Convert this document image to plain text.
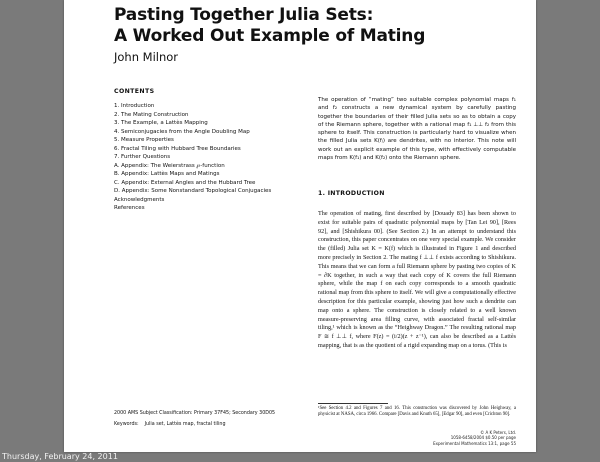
Pasting Together Julia Sets:
A Worked Out Example of Mating
John Milnor
CONTENTS
1. Introduction
2. The Mating Construction
3. The Example, a Lattès Mapping
4. Semiconjugacies from the Angle Doubling Map
5. Measure Properties
6. Fractal Tiling with Hubbard Tree Boundaries
7. Further Questions
A. Appendix: The Weierstrass ℘-function
B. Appendix: Lattès Maps and Matings
C. Appendix: External Angles and the Hubbard Tree
D. Appendix: Some Nonstandard Topological Conjugacies
Acknowledgments
References

The operation of “mating” two suitable complex polynomial maps f₁ and f₂ constructs a new dynamical system by carefully pasting together the boundaries of their filled Julia sets so as to obtain a copy of the Riemann sphere, together with a rational map f₁ ⊥⊥ f₂ from this sphere to itself. This construction is particularly hard to visualize when the filled Julia sets K(fⱼ) are dendrites, with no interior. This note will work out an explicit example of this type, with effectively computable maps from K(f₁) and K(f₂) onto the Riemann sphere.

1. INTRODUCTION

The operation of mating, first described by [Douady 83] has been shown to exist for suitable pairs of quadratic polynomial maps by [Tan Lei 90], [Rees 92], and [Shishikura 00]. (See Section 2.) In an attempt to understand this construction, this paper concentrates on one very special example. We consider the (filled) Julia set K = K(f) which is illustrated in Figure 1 and described more precisely in Section 2. The mating f ⊥⊥ f exists according to Shishikura. This means that we can form a full Riemann sphere by pasting two copies of K = ∂K together, in such a way that each copy of K covers the full Riemann sphere, while the map f on each copy corresponds to a smooth quadratic rational map from this sphere to itself. We will give a computationally effective description for this particular example, showing just how such a dendrite can map onto a sphere. The construction is closely related to a well known measure-preserving area filling curve, with associated fractal self-similar tiling,¹ which is known as the “Heighway Dragon.” The resulting rational map F ≅ f ⊥⊥ f, where F(z) = (i/2)(z + z⁻¹), can also be described as a Lattès mapping, that is as the quotient of a rigid expanding map on a torus. (This is

¹See Section 4.2 and Figures 7 and 16. This construction was discovered by John Heighway, a physicist at NASA, circa 1966. Compare [Davis and Knuth 65], [Edgar 90], and even [Crichton 90].

2000 AMS Subject Classification: Primary 37F45; Secondary 30D05
Keywords: Julia set, Lattès map, fractal tiling
© A K Peters, Ltd.
1058-6458/2004 $0.50 per page
Experimental Mathematics 13:1, page 55
Thursday, February 24, 2011
